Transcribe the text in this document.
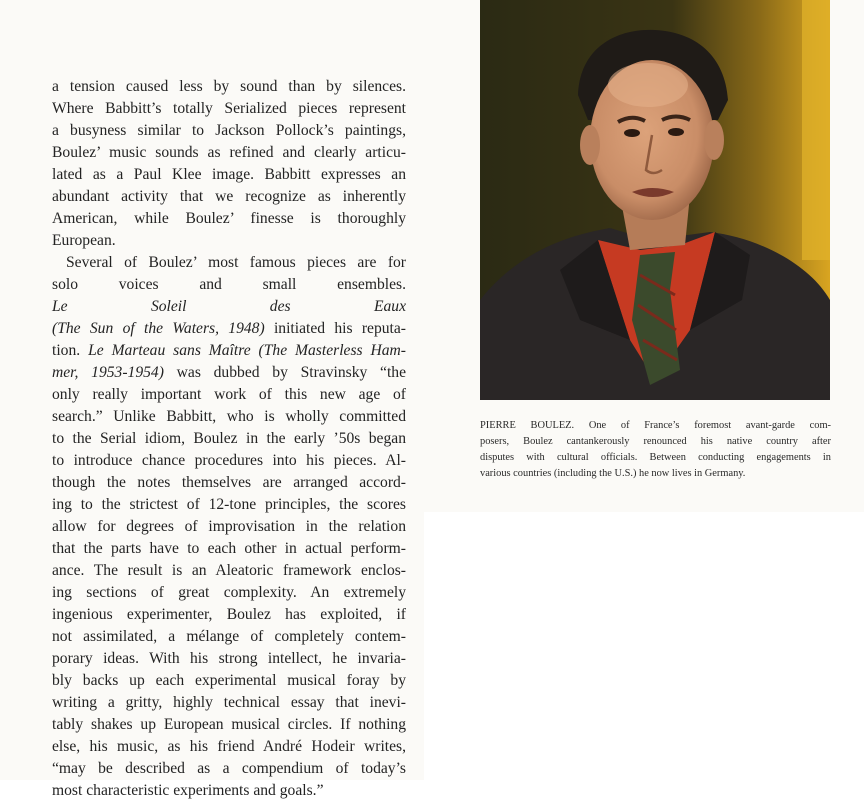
a tension caused less by sound than by silences.
Where Babbitt’s totally Serialized pieces represent
a busyness similar to Jackson Pollock’s paintings,
Boulez’ music sounds as refined and clearly articu-
lated as a Paul Klee image. Babbitt expresses an
abundant activity that we recognize as inherently
American, while Boulez’ finesse is thoroughly
European.
Several of Boulez’ most famous pieces are for
solo voices and small ensembles.
Le Soleil des Eaux
(The Sun of the Waters, 1948) initiated his reputa-
tion. Le Marteau sans Maître (The Masterless Ham-
mer, 1953-1954) was dubbed by Stravinsky “the
only really important work of this new age of
search.” Unlike Babbitt, who is wholly committed
to the Serial idiom, Boulez in the early ’50s began
to introduce chance procedures into his pieces. Al-
though the notes themselves are arranged accord-
ing to the strictest of 12-tone principles, the scores
allow for degrees of improvisation in the relation
that the parts have to each other in actual perform-
ance. The result is an Aleatoric framework enclos-
ing sections of great complexity. An extremely
ingenious experimenter, Boulez has exploited, if
not assimilated, a mélange of completely contem-
porary ideas. With his strong intellect, he invaria-
bly backs up each experimental musical foray by
writing a gritty, highly technical essay that inevi-
tably shakes up European musical circles. If nothing
else, his music, as his friend André Hodeir writes,
“may be described as a compendium of today’s
most characteristic experiments and goals.”
PIERRE BOULEZ. One of France’s foremost avant-garde com-
posers, Boulez cantankerously renounced his native country after
disputes with cultural officials. Between conducting engagements in
various countries (including the U.S.) he now lives in Germany.
